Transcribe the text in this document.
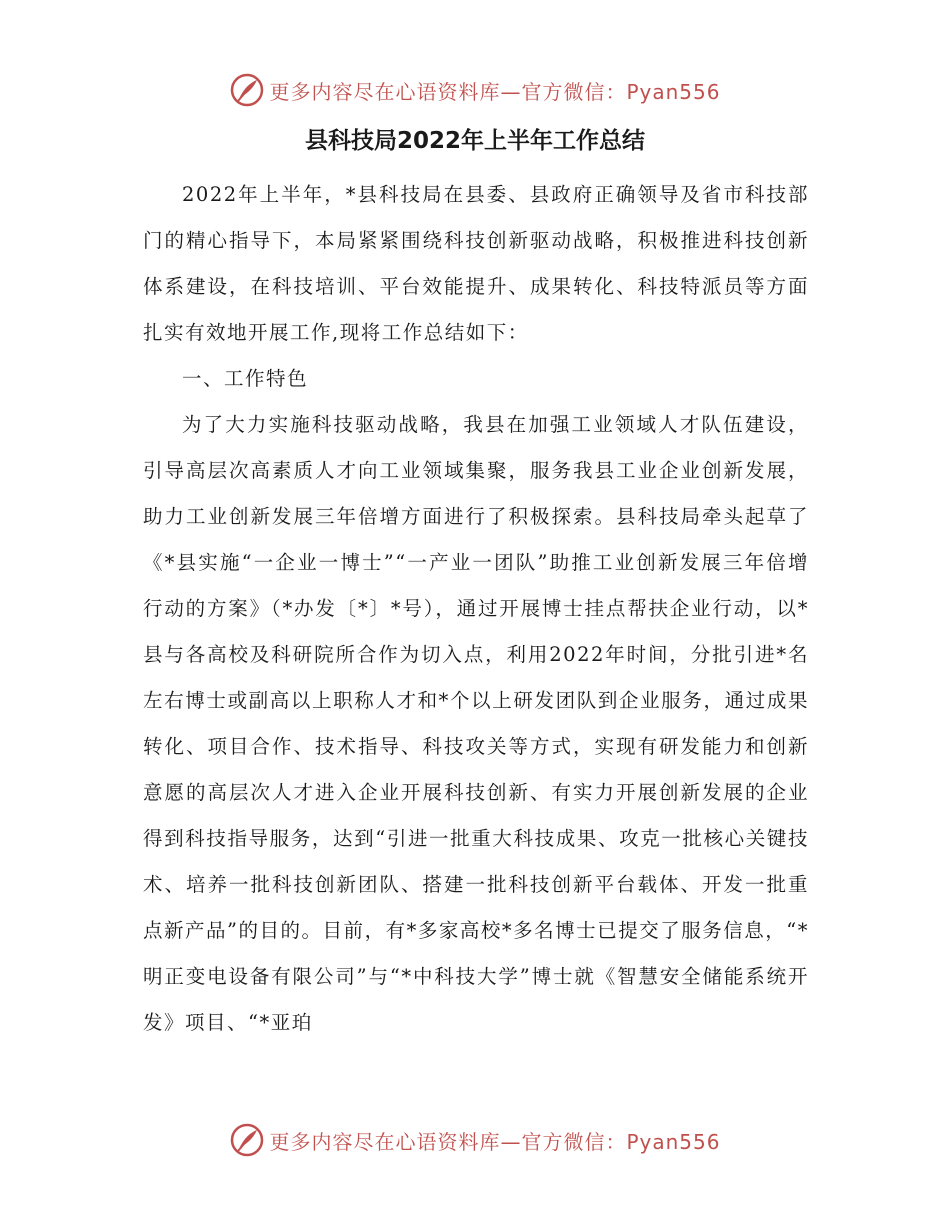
更多内容尽在心语资料库—官方微信：Pyan556
县科技局2022年上半年工作总结

2022年上半年，*县科技局在县委、县政府正确领导及省市科技部门的精心指导下，本局紧紧围绕科技创新驱动战略，积极推进科技创新体系建设，在科技培训、平台效能提升、成果转化、科技特派员等方面扎实有效地开展工作,现将工作总结如下：

一、工作特色

为了大力实施科技驱动战略，我县在加强工业领域人才队伍建设，引导高层次高素质人才向工业领域集聚，服务我县工业企业创新发展，助力工业创新发展三年倍增方面进行了积极探索。县科技局牵头起草了《*县实施“一企业一博士”“一产业一团队”助推工业创新发展三年倍增行动的方案》（*办发〔*〕*号），通过开展博士挂点帮扶企业行动，以*县与各高校及科研院所合作为切入点，利用2022年时间，分批引进*名左右博士或副高以上职称人才和*个以上研发团队到企业服务，通过成果转化、项目合作、技术指导、科技攻关等方式，实现有研发能力和创新意愿的高层次人才进入企业开展科技创新、有实力开展创新发展的企业得到科技指导服务，达到“引进一批重大科技成果、攻克一批核心关键技术、培养一批科技创新团队、搭建一批科技创新平台载体、开发一批重点新产品”的目的。目前，有*多家高校*多名博士已提交了服务信息，“*明正变电设备有限公司”与“*中科技大学”博士就《智慧安全储能系统开发》项目、“*亚珀

更多内容尽在心语资料库—官方微信：Pyan556
